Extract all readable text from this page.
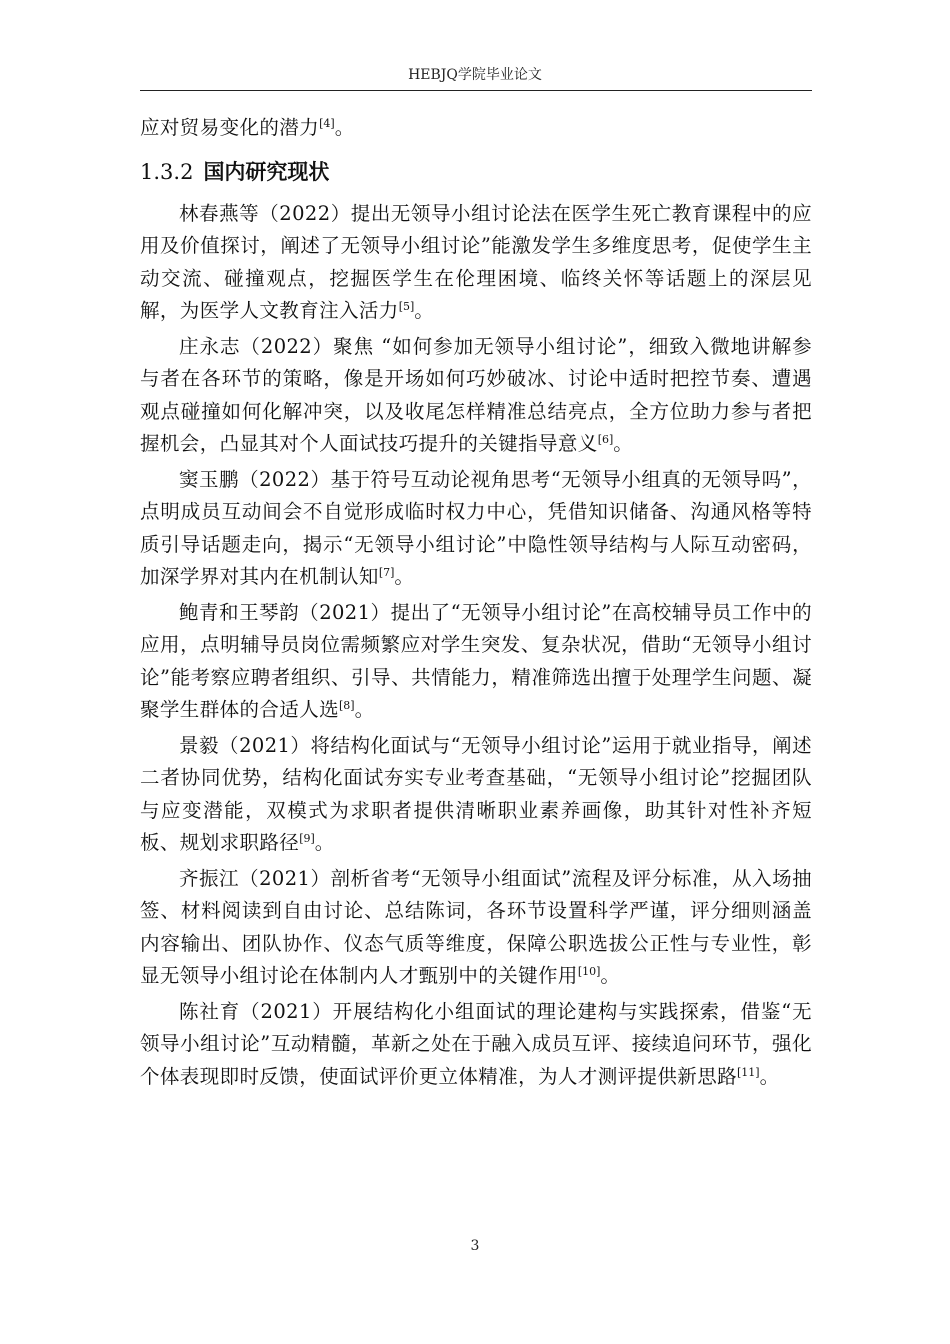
HEBJQ学院毕业论文

应对贸易变化的潜力[4]。

1.3.2 国内研究现状

林春燕等（2022）提出无领导小组讨论法在医学生死亡教育课程中的应用及价值探讨，阐述了无领导小组讨论”能激发学生多维度思考，促使学生主动交流、碰撞观点，挖掘医学生在伦理困境、临终关怀等话题上的深层见解，为医学人文教育注入活力[5]。

庄永志（2022）聚焦 “如何参加无领导小组讨论”，细致入微地讲解参与者在各环节的策略，像是开场如何巧妙破冰、讨论中适时把控节奏、遭遇观点碰撞如何化解冲突，以及收尾怎样精准总结亮点，全方位助力参与者把握机会，凸显其对个人面试技巧提升的关键指导意义[6]。

窦玉鹏（2022）基于符号互动论视角思考“无领导小组真的无领导吗”，点明成员互动间会不自觉形成临时权力中心，凭借知识储备、沟通风格等特质引导话题走向，揭示“无领导小组讨论”中隐性领导结构与人际互动密码，加深学界对其内在机制认知[7]。

鲍青和王琴韵（2021）提出了“无领导小组讨论”在高校辅导员工作中的应用，点明辅导员岗位需频繁应对学生突发、复杂状况，借助“无领导小组讨论”能考察应聘者组织、引导、共情能力，精准筛选出擅于处理学生问题、凝聚学生群体的合适人选[8]。

景毅（2021）将结构化面试与“无领导小组讨论”运用于就业指导，阐述二者协同优势，结构化面试夯实专业考查基础，“无领导小组讨论”挖掘团队与应变潜能，双模式为求职者提供清晰职业素养画像，助其针对性补齐短板、规划求职路径[9]。

齐振江（2021）剖析省考“无领导小组面试”流程及评分标准，从入场抽签、材料阅读到自由讨论、总结陈词，各环节设置科学严谨，评分细则涵盖内容输出、团队协作、仪态气质等维度，保障公职选拔公正性与专业性，彰显无领导小组讨论在体制内人才甄别中的关键作用[10]。

陈社育（2021）开展结构化小组面试的理论建构与实践探索，借鉴“无领导小组讨论”互动精髓，革新之处在于融入成员互评、接续追问环节，强化个体表现即时反馈，使面试评价更立体精准，为人才测评提供新思路[11]。

3
